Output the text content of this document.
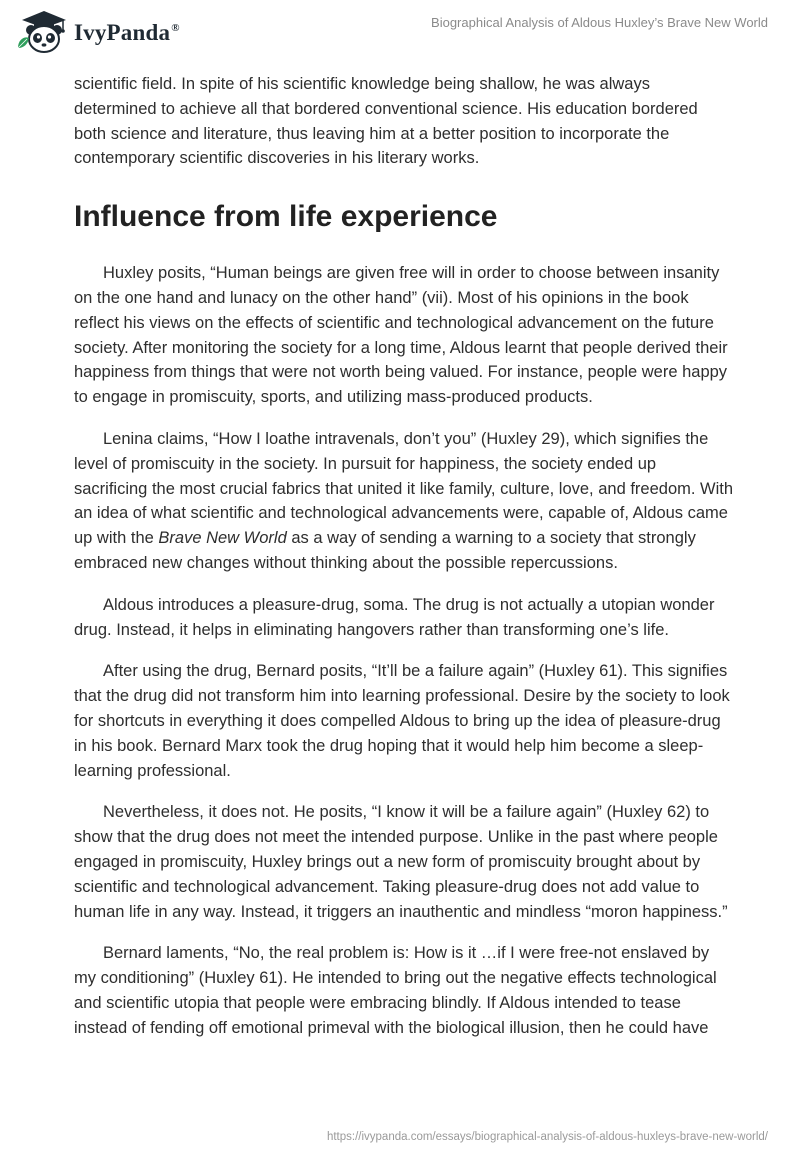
IvyPanda®	Biographical Analysis of Aldous Huxley’s Brave New World

scientific field. In spite of his scientific knowledge being shallow, he was always determined to achieve all that bordered conventional science. His education bordered both science and literature, thus leaving him at a better position to incorporate the contemporary scientific discoveries in his literary works.

Influence from life experience

Huxley posits, “Human beings are given free will in order to choose between insanity on the one hand and lunacy on the other hand” (vii). Most of his opinions in the book reflect his views on the effects of scientific and technological advancement on the future society. After monitoring the society for a long time, Aldous learnt that people derived their happiness from things that were not worth being valued. For instance, people were happy to engage in promiscuity, sports, and utilizing mass-produced products.

Lenina claims, “How I loathe intravenals, don’t you” (Huxley 29), which signifies the level of promiscuity in the society. In pursuit for happiness, the society ended up sacrificing the most crucial fabrics that united it like family, culture, love, and freedom. With an idea of what scientific and technological advancements were, capable of, Aldous came up with the Brave New World as a way of sending a warning to a society that strongly embraced new changes without thinking about the possible repercussions.

Aldous introduces a pleasure-drug, soma. The drug is not actually a utopian wonder drug. Instead, it helps in eliminating hangovers rather than transforming one’s life.

After using the drug, Bernard posits, “It’ll be a failure again” (Huxley 61). This signifies that the drug did not transform him into learning professional. Desire by the society to look for shortcuts in everything it does compelled Aldous to bring up the idea of pleasure-drug in his book. Bernard Marx took the drug hoping that it would help him become a sleep-learning professional.

Nevertheless, it does not. He posits, “I know it will be a failure again” (Huxley 62) to show that the drug does not meet the intended purpose. Unlike in the past where people engaged in promiscuity, Huxley brings out a new form of promiscuity brought about by scientific and technological advancement. Taking pleasure-drug does not add value to human life in any way. Instead, it triggers an inauthentic and mindless “moron happiness.”

Bernard laments, “No, the real problem is: How is it …if I were free-not enslaved by my conditioning” (Huxley 61). He intended to bring out the negative effects technological and scientific utopia that people were embracing blindly. If Aldous intended to tease instead of fending off emotional primeval with the biological illusion, then he could have

https://ivypanda.com/essays/biographical-analysis-of-aldous-huxleys-brave-new-world/
